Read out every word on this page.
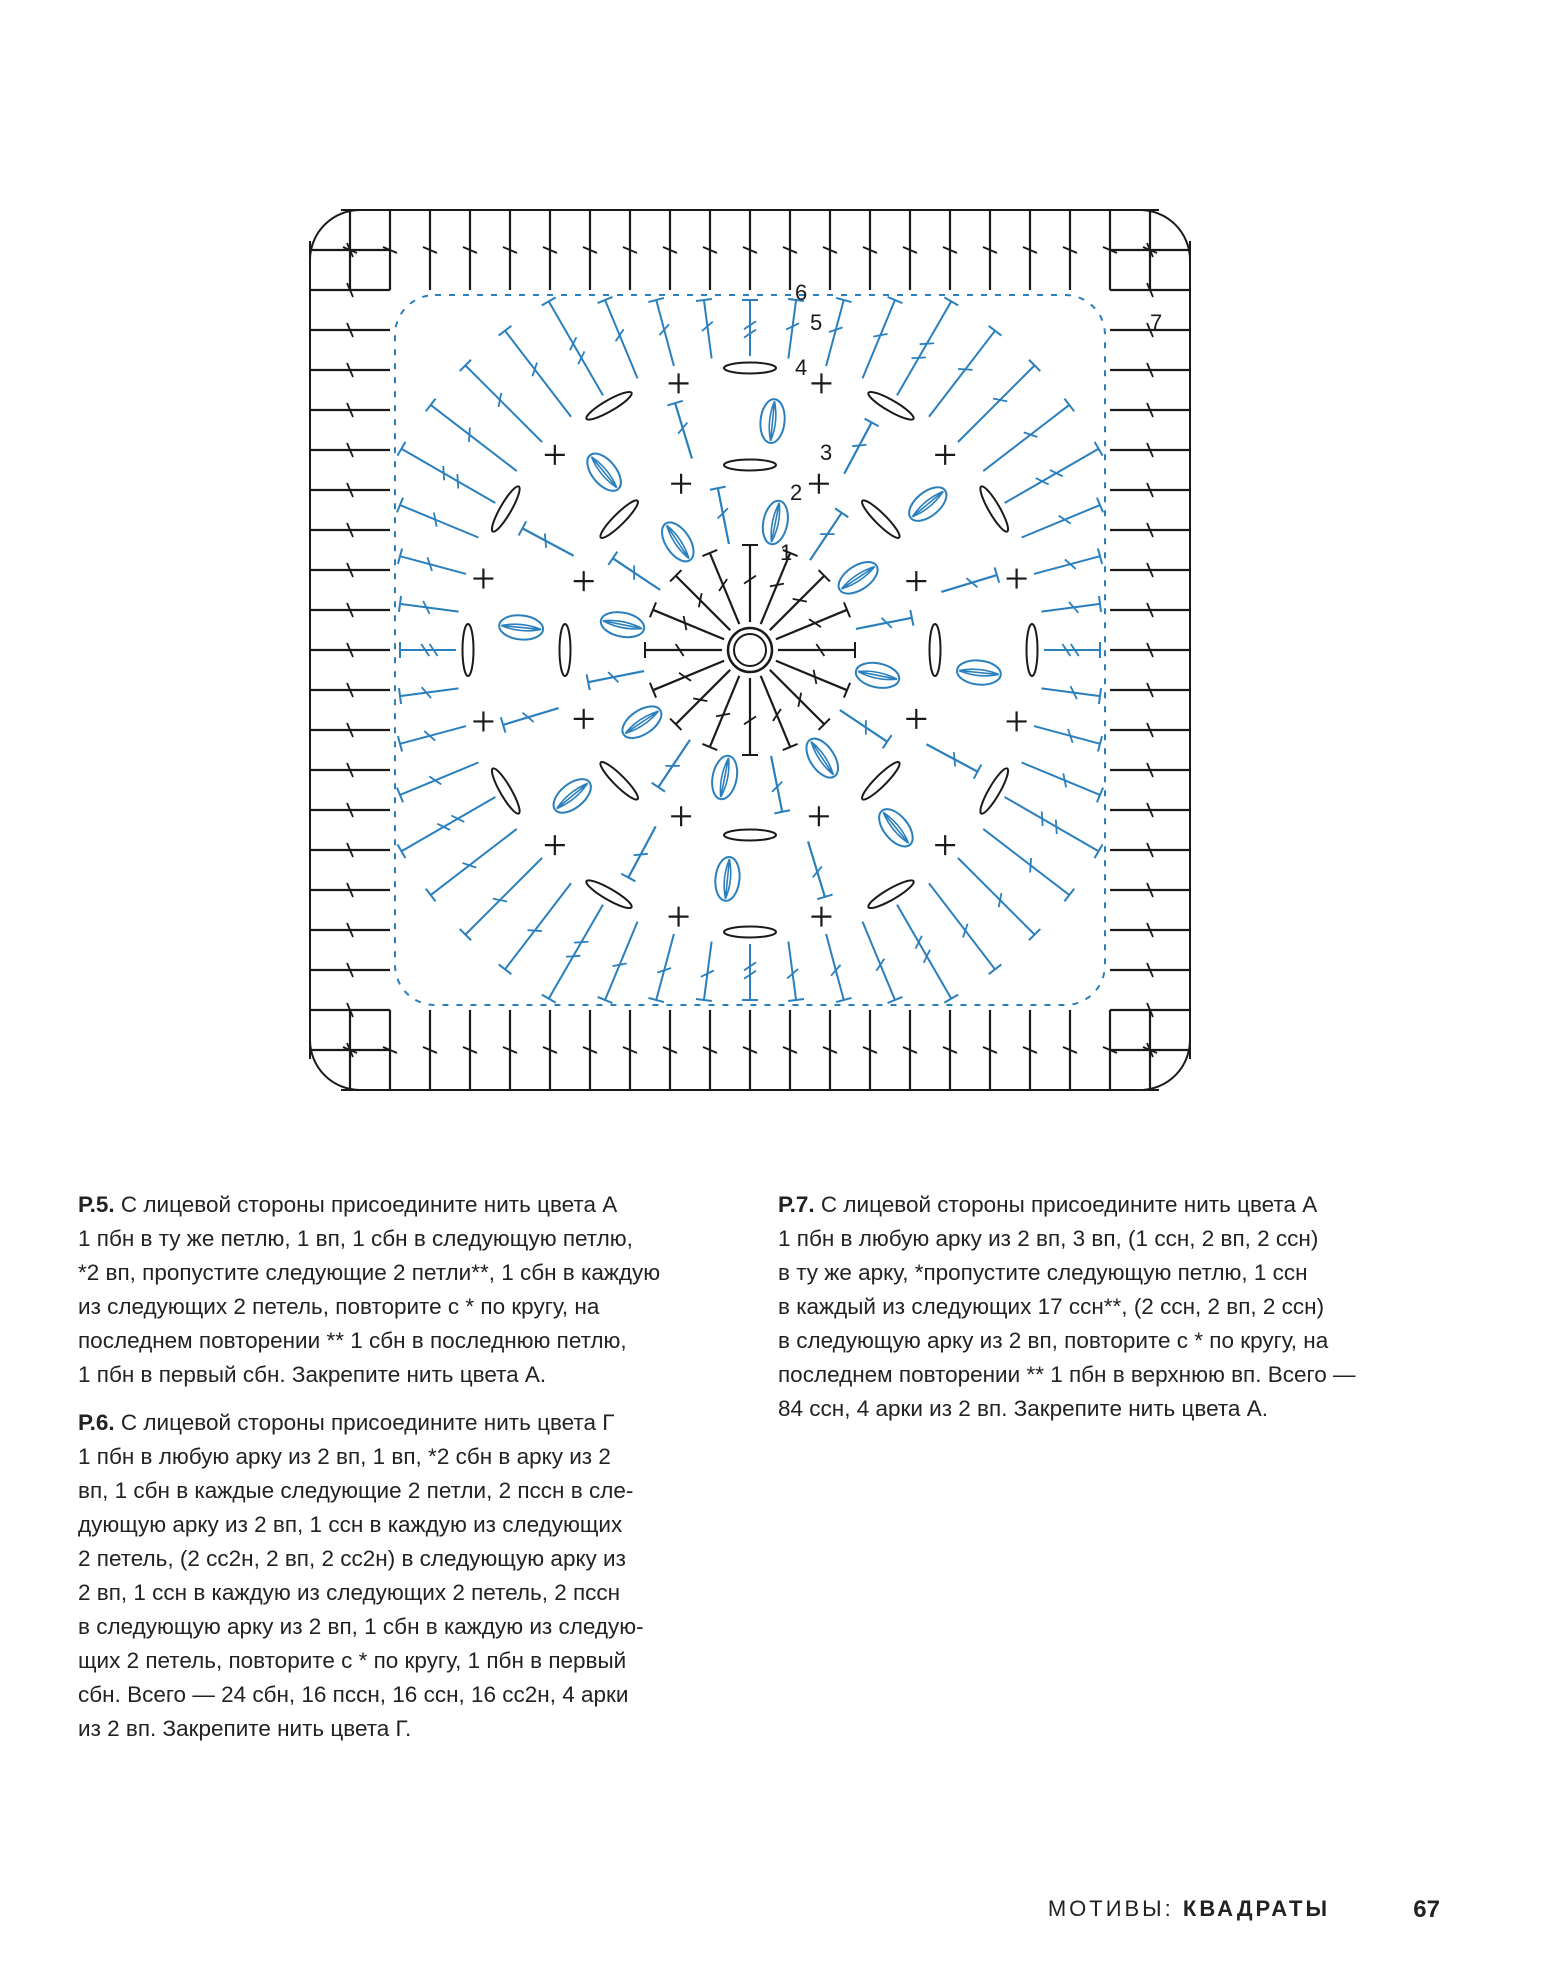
1
2
3
4
5
6
7
Р.5. С лицевой стороны присоедините нить цвета А
1 пбн в ту же петлю, 1 вп, 1 сбн в следующую петлю,
*2 вп, пропустите следующие 2 петли**, 1 сбн в каждую
из следующих 2 петель, повторите с * по кругу, на
последнем повторении ** 1 сбн в последнюю петлю,
1 пбн в первый сбн. Закрепите нить цвета А.
Р.6. С лицевой стороны присоедините нить цвета Г
1 пбн в любую арку из 2 вп, 1 вп, *2 сбн в арку из 2
вп, 1 сбн в каждые следующие 2 петли, 2 пссн в сле-
дующую арку из 2 вп, 1 ссн в каждую из следующих
2 петель, (2 сс2н, 2 вп, 2 сс2н) в следующую арку из
2 вп, 1 ссн в каждую из следующих 2 петель, 2 пссн
в следующую арку из 2 вп, 1 сбн в каждую из следую-
щих 2 петель, повторите с * по кругу, 1 пбн в первый
сбн. Всего — 24 сбн, 16 пссн, 16 ссн, 16 сс2н, 4 арки
из 2 вп. Закрепите нить цвета Г.
Р.7. С лицевой стороны присоедините нить цвета А
1 пбн в любую арку из 2 вп, 3 вп, (1 ссн, 2 вп, 2 ссн)
в ту же арку, *пропустите следующую петлю, 1 ссн
в каждый из следующих 17 ссн**, (2 ссн, 2 вп, 2 ссн)
в следующую арку из 2 вп, повторите с * по кругу, на
последнем повторении ** 1 пбн в верхнюю вп. Всего —
84 ссн, 4 арки из 2 вп. Закрепите нить цвета А.
МОТИВЫ: КВАДРАТЫ	67
